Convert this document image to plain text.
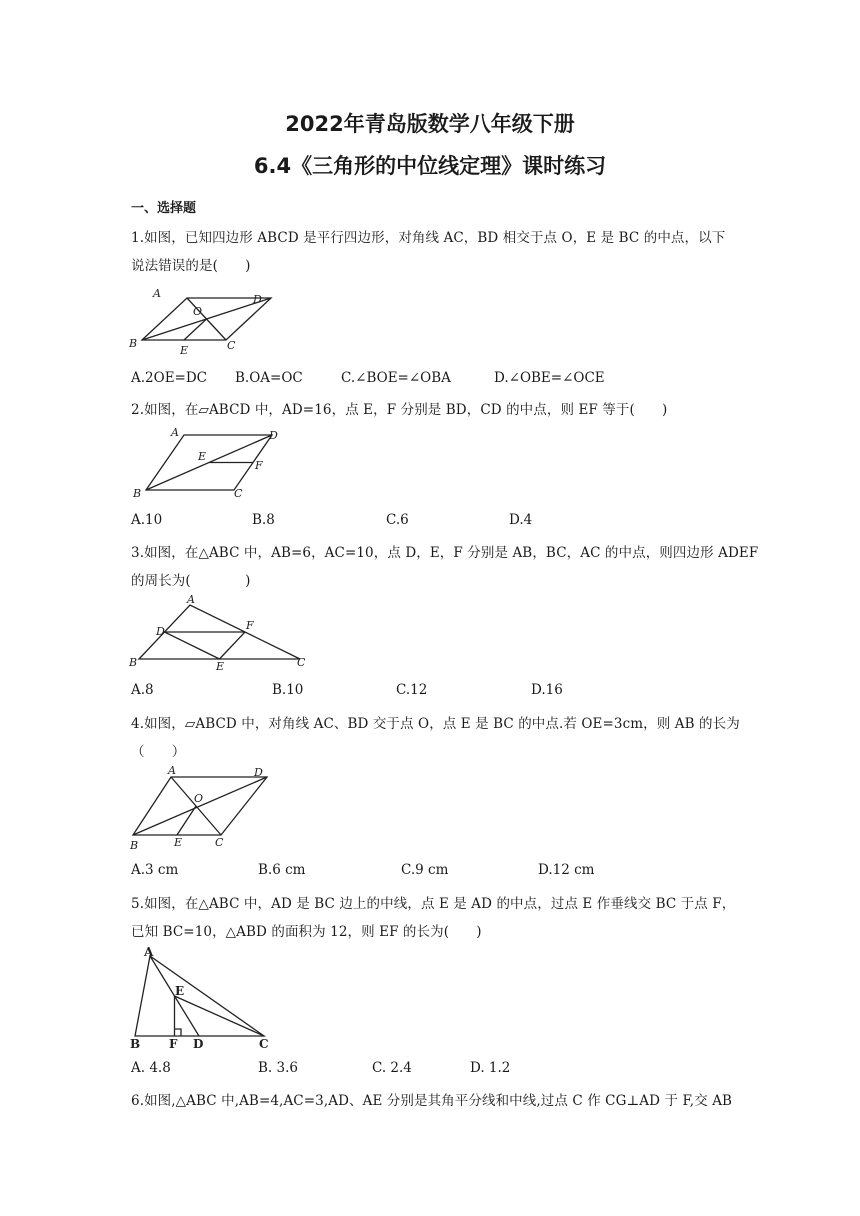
2022年青岛版数学八年级下册
6.4《三角形的中位线定理》课时练习
一、选择题
1.如图，已知四边形 ABCD 是平行四边形，对角线 AC，BD 相交于点 O，E 是 BC 的中点，以下
说法错误的是(　　)
A	D
O
B
E	C
A.2OE=DC B.OA=OC	C.∠BOE=∠OBA	D.∠OBE=∠OCE
2.如图，在▱ABCD 中，AD=16，点 E，F 分别是 BD，CD 的中点，则 EF 等于(　　)
A	D
E
F
B	C
A.10	B.8	C.6	D.4
3.如图，在△ABC 中，AB=6，AC=10，点 D，E，F 分别是 AB，BC，AC 的中点，则四边形 ADEF
的周长为(　　　　)
A
D	F
B	E	C
A.8	B.10	C.12	D.16
4.如图，▱ABCD 中，对角线 AC、BD 交于点 O，点 E 是 BC 的中点.若 OE=3cm，则 AB 的长为
（　　）
A	D
O
B	E	C
A.3 cm	B.6 cm	C.9 cm	D.12 cm
5.如图，在△ABC 中，AD 是 BC 边上的中线，点 E 是 AD 的中点，过点 E 作垂线交 BC 于点 F，
已知 BC=10，△ABD 的面积为 12，则 EF 的长为(　　)
A
E
B F D	C
A. 4.8	B. 3.6	C. 2.4	D. 1.2
6.如图,△ABC 中,AB=4,AC=3,AD、AE 分别是其角平分线和中线,过点 C 作 CG⊥AD 于 F,交 AB
